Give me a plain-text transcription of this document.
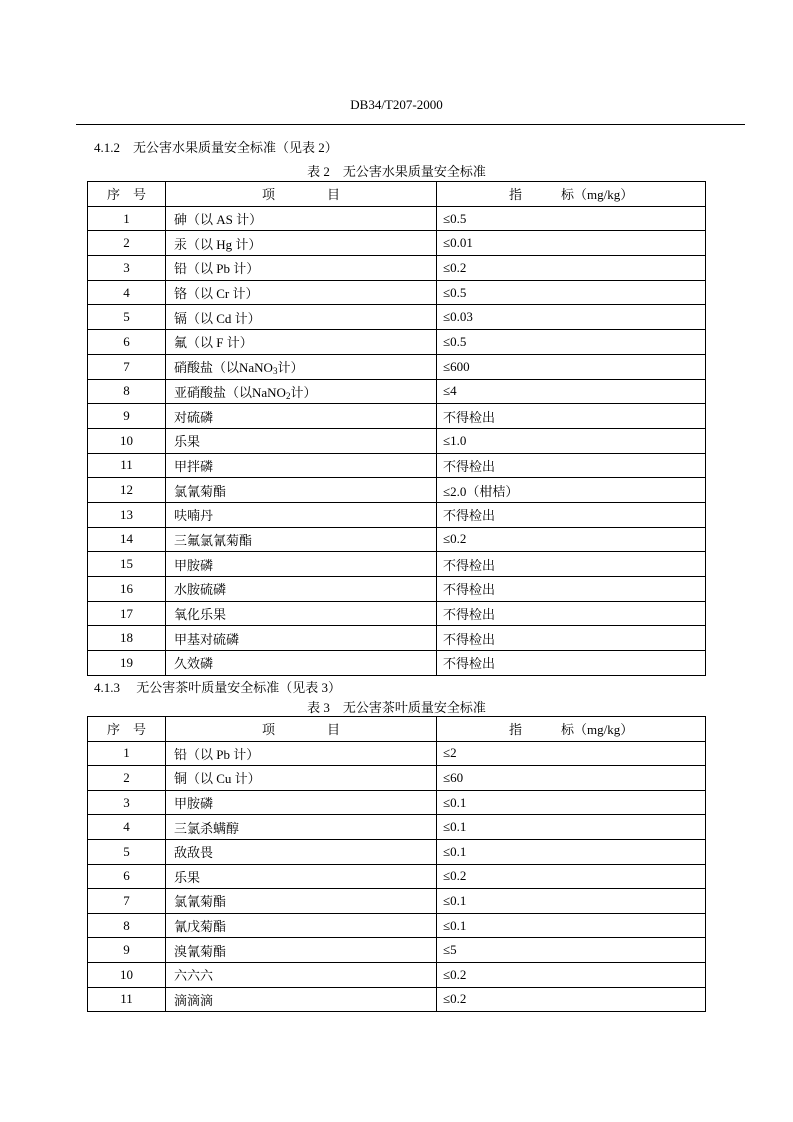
DB34/T207-2000
4.1.2　无公害水果质量安全标准（见表 2）
表 2　无公害水果质量安全标准
序　号	项　　　　目	指　　　标（mg/kg）
1	砷（以 AS 计）	≤0.5
2	汞（以 Hg 计）	≤0.01
3	铅（以 Pb 计）	≤0.2
4	铬（以 Cr 计）	≤0.5
5	镉（以 Cd 计）	≤0.03
6	氟（以 F 计）	≤0.5
7	硝酸盐（以NaNO$_3$计）	≤600
8	亚硝酸盐（以NaNO$_2$计）	≤4
9	对硫磷	不得检出
10	乐果	≤1.0
11	甲拌磷	不得检出
12	氯氰菊酯	≤2.0（柑桔）
13	呋喃丹	不得检出
14	三氟氯氰菊酯	≤0.2
15	甲胺磷	不得检出
16	水胺硫磷	不得检出
17	氧化乐果	不得检出
18	甲基对硫磷	不得检出
19	久效磷	不得检出
4.1.3　 无公害茶叶质量安全标准（见表 3）
表 3　无公害茶叶质量安全标准
序　号	项　　　　目	指　　　标（mg/kg）
1	铅（以 Pb 计）	≤2
2	铜（以 Cu 计）	≤60
3	甲胺磷	≤0.1
4	三氯杀螨醇	≤0.1
5	敌敌畏	≤0.1
6	乐果	≤0.2
7	氯氰菊酯	≤0.1
8	氰戊菊酯	≤0.1
9	溴氰菊酯	≤5
10	六六六	≤0.2
11	滴滴滴	≤0.2
